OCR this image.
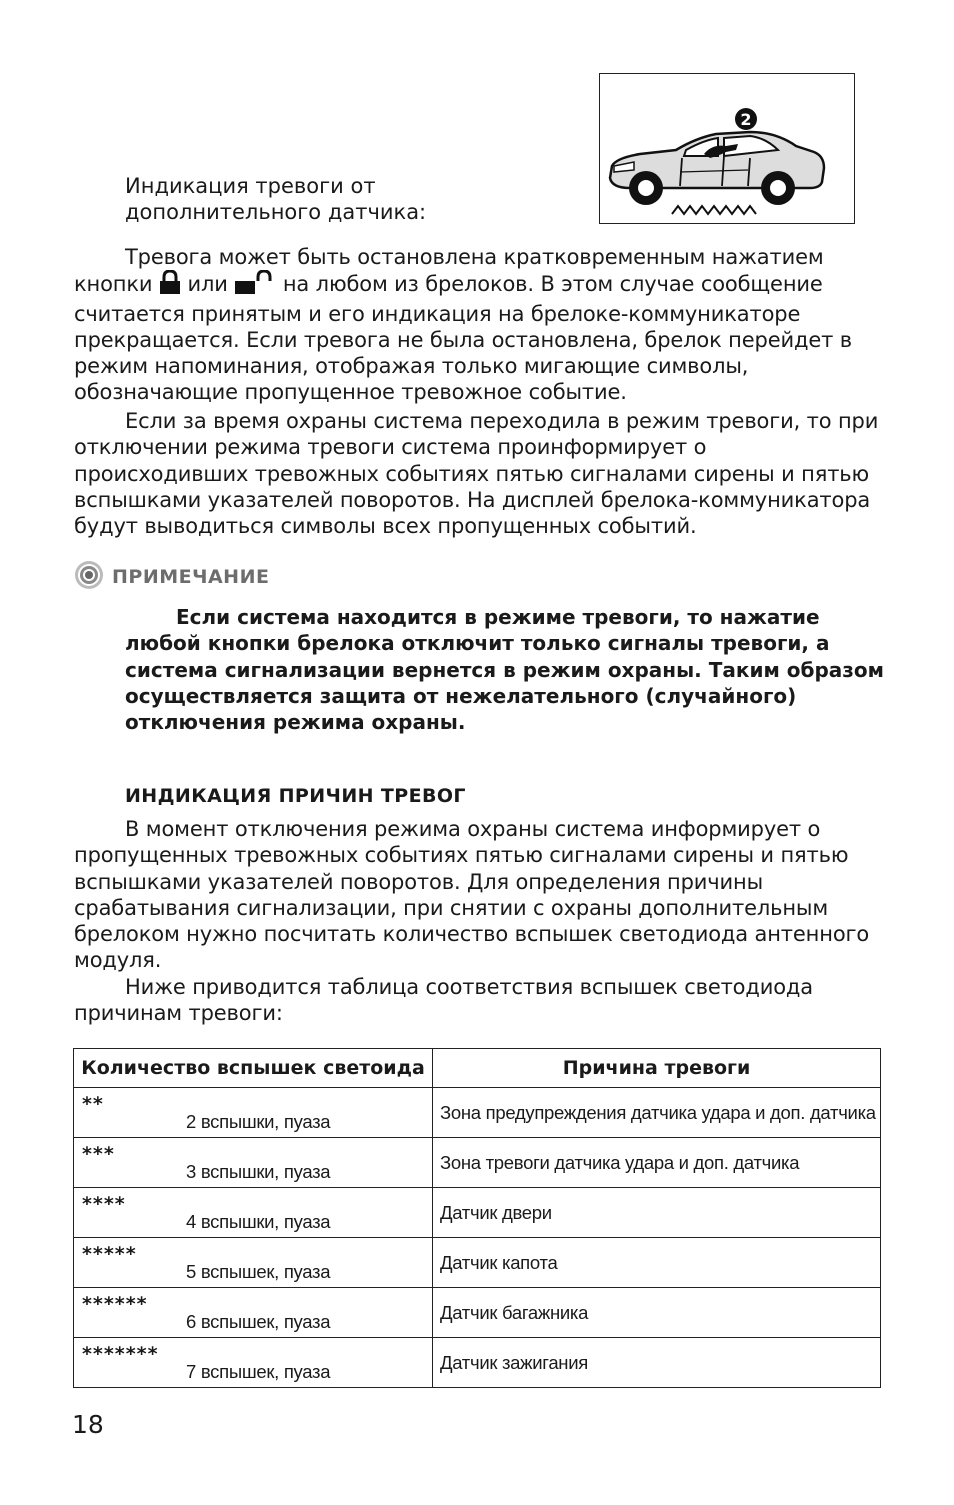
2
Индикация тревоги от
дополнительного датчика:

Тревога может быть остановлена кратковременным нажатием

кнопки или	на любом из брелоков. В этом случае сообщение

считается принятым и его индикация на брелоке-коммуникаторе прекращается. Если тревога не была остановлена, брелок перейдет в режим напоминания, отображая только мигающие символы, обозначающие пропущенное тревожное событие.

Если за время охраны система переходила в режим тревоги, то при отключении режима тревоги система проинформирует о происходивших тревожных событиях пятью сигналами сирены и пятью вспышками указателей поворотов. На дисплей брелока-коммуникатора будут выводиться символы всех пропущенных событий.

ПРИМЕЧАНИЕ

Если система находится в режиме тревоги, то нажатие любой кнопки брелока отключит только сигналы тревоги, а система сигнализации вернется в режим охраны. Таким образом осуществляется защита от нежелательного (случайного) отключения режима охраны.

ИНДИКАЦИЯ ПРИЧИН ТРЕВОГ

В момент отключения режима охраны система информирует о пропущенных тревожных событиях пятью сигналами сирены и пятью вспышками указателей поворотов. Для определения причины срабатывания сигнализации, при снятии с охраны дополнительным брелоком нужно посчитать количество вспышек светодиода антенного модуля.

Ниже приводится таблица соответствия вспышек светодиода причинам тревоги:

Количество вспышек светоида	Причина тревоги

**
2 вспышки, пуаза	Зона предупреждения датчика удара и доп. датчика

***
3 вспышки, пуаза	Зона тревоги датчика удара и доп. датчика

****
4 вспышки, пуаза	Датчик двери

*****
5 вспышек, пуаза	Датчик капота

******
6 вспышек, пуаза	Датчик багажника

*******
7 вспышек, пуаза	Датчик зажигания
18
